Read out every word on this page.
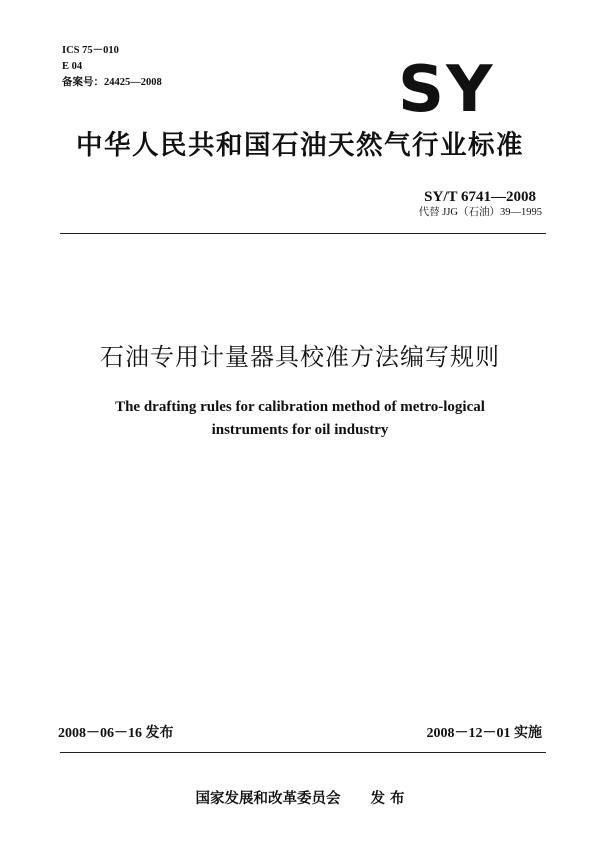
ICS 75－010
E 04
备案号：24425—2008	SY
中华人民共和国石油天然气行业标准
SY/T 6741—2008
代替 JJG（石油）39—1995
石油专用计量器具校准方法编写规则
The drafting rules for calibration method of metro-logical
instruments for oil industry
2008－06－16 发布	2008－12－01 实施
国家发展和改革委员会 发 布
